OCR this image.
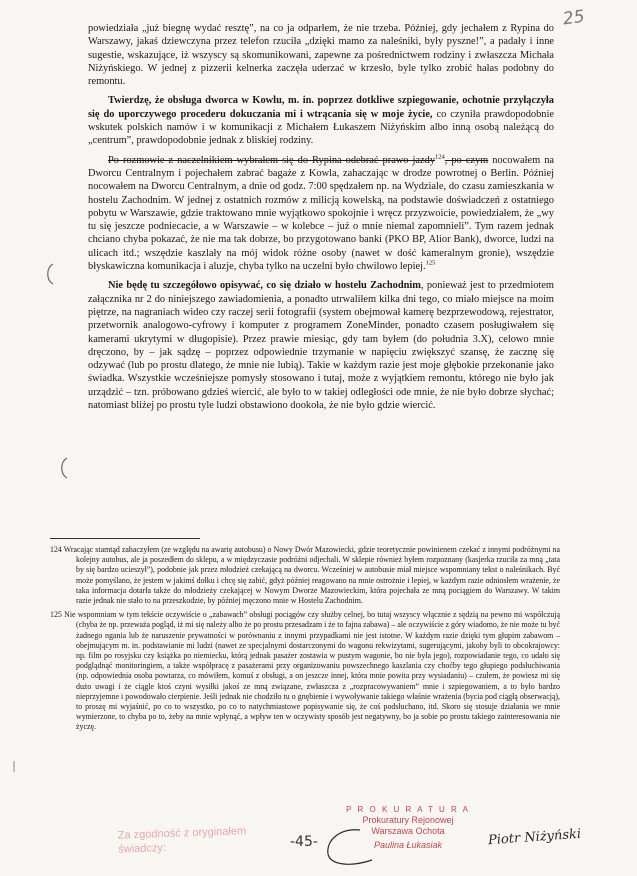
25

powiedziała „już biegnę wydać resztę”, na co ja odparłem, że nie trzeba. Później, gdy jechałem z Rypina do Warszawy, jakaś dziewczyna przez telefon rzuciła „dzięki mamo za naleśniki, były pyszne!”, a padały i inne sugestie, wskazujące, iż wszyscy są skomunikowani, zapewne za pośrednictwem rodziny i zwłaszcza Michała Niżyńskiego. W jednej z pizzerii kelnerka zaczęła uderzać w krzesło, byle tylko zrobić hałas podobny do remontu.

Twierdzę, że obsługa dworca w Kowlu, m. in. poprzez dotkliwe szpiegowanie, ochotnie przyłączyła się do uporczywego procederu dokuczania mi i wtrącania się w moje życie, co czyniła prawdopodobnie wskutek polskich namów i w komunikacji z Michałem Łukaszem Niżyńskim albo inną osobą należącą do „centrum”, prawdopodobnie jednak z bliskiej rodziny.

Po rozmowie z naczelnikiem wybrałem się do Rypina odebrać prawo jazdy$^{124}$, po czym nocowałem na Dworcu Centralnym i pojechałem zabrać bagaże z Kowla, zahaczając w drodze powrotnej o Berlin. Później nocowałem na Dworcu Centralnym, a dnie od godz. 7:00 spędzałem np. na Wydziale, do czasu zamieszkania w hostelu Zachodnim. W jednej z ostatnich rozmów z milicją kowelską, na podstawie doświadczeń z ostatniego pobytu w Warszawie, gdzie traktowano mnie wyjątkowo spokojnie i wręcz przyzwoicie, powiedziałem, że „wy tu się jeszcze podniecacie, a w Warszawie – w kolebce – już o mnie niemal zapomnieli”. Tym razem jednak chciano chyba pokazać, że nie ma tak dobrze, bo przygotowano banki (PKO BP, Alior Bank), dworce, ludzi na ulicach itd.; wszędzie kaszlały na mój widok różne osoby (nawet w dość kameralnym gronie), wszędzie błyskawiczna komunikacja i aluzje, chyba tylko na uczelni było chwilowo lepiej.$^{125}$

Nie będę tu szczegółowo opisywać, co się działo w hostelu Zachodnim, ponieważ jest to przedmiotem załącznika nr 2 do niniejszego zawiadomienia, a ponadto utrwaliłem kilka dni tego, co miało miejsce na moim piętrze, na nagraniach wideo czy raczej serii fotografii (system obejmował kamerę bezprzewodową, rejestrator, przetwornik analogowo-cyfrowy i komputer z programem ZoneMinder, ponadto czasem posługiwałem się kamerami ukrytymi w długopisie). Przez prawie miesiąc, gdy tam byłem (do południa 3.X), celowo mnie dręczono, by – jak sądzę – poprzez odpowiednie trzymanie w napięciu zwiększyć szansę, że zacznę się odzywać (lub po prostu dlatego, że mnie nie lubią). Takie w każdym razie jest moje głębokie przekonanie jako świadka. Wszystkie wcześniejsze pomysły stosowano i tutaj, może z wyjątkiem remontu, którego nie było jak urządzić – tzn. próbowano gdzieś wiercić, ale było to w takiej odległości ode mnie, że nie było dobrze słychać; natomiast bliżej po prostu tyle ludzi obstawiono dookoła, że nie było gdzie wiercić.

124 Wracając stamtąd zahaczyłem (ze względu na awarię autobusu) o Nowy Dwór Mazowiecki, gdzie teoretycznie powinienem czekać z innymi podróżnymi na kolejny autobus, ale ja poszedłem do sklepu, a w międzyczasie podróżni odjechali. W sklepie również byłem rozpoznany (kasjerka rzuciła za mną „tata by się bardzo ucieszył”), podobnie jak przez młodzież czekającą na dworcu. Wcześniej w autobusie miał miejsce wspomniany tekst o naleśnikach. Być może pomyślano, że jestem w jakimś dołku i chcę się zabić, gdyż później reagowano na mnie ostrożnie i lepiej, w każdym razie odniosłem wrażenie, że taka informacja dotarła także do młodzieży czekającej w Nowym Dworze Mazowieckim, która pojechała ze mną pociągiem do Warszawy. W takim razie jednak nie stało to na przeszkodzie, by później męczono mnie w Hostelu Zachodnim.
125 Nie wspomniam w tym tekście oczywiście o „zabawach” obsługi pociągów czy służby celnej, bo tutaj wszyscy włącznie z sędzią na pewno mi współczują (chyba że np. przeważa pogląd, iż mi się należy albo że po prostu przesadzam i że to fajna zabawa) – ale oczywiście z góry wiadomo, że nie może tu być żadnego ngania lub że naruszenie prywatności w porównaniu z innymi przypadkami nie jest istotne. W każdym razie dzięki tym głupim zabawom – obejmującym m. in. podstawianie mi ludzi (nawet ze specjalnymi dostarczonymi do wagonu rekwizytami, sugerującymi, jakoby byli to obcokrajowcy: np. film po rosyjsku czy książka po niemiecku, którą jednak pasażer zostawia w pustym wagonie, bo nie była jego), rozpowiadanie tego, co udało się podglądnąć monitoringiem, a także współpracę z pasażerami przy organizowaniu powszechnego kaszlania czy choćby tego głupiego podsłuchiwania (np. odpowiednia osoba powtarza, co mówiłem, komuś z obsługi, a on jeszcze innej, która mnie powita przy wysiadaniu) – czułem, że powiesz mi się dużo uwagi i że ciągle ktoś czyni wysiłki jakoś ze mną związane, zwłaszcza z „rozpracowywaniem” mnie i szpiegowaniem, a to było bardzo nieprzyjemne i powodowało cierpienie. Jeśli jednak nie chodziło tu o gnębienie i wywoływanie takiego właśnie wrażenia (bycia pod ciągłą obserwacją), to proszę mi wyjaśnić, po co to wszystko, po co to natychmiastowe popisywanie się, że coś podsłuchano, itd. Skoro się stosuje działania we mnie wymierzone, to chyba po to, żeby na mnie wpłynąć, a wpływ ten w oczywisty sposób jest negatywny, bo ja sobie po prostu takiego zainteresowania nie życzę.
Za zgodność z oryginałem świadczy:	-45-
P R O K U R A T U R A
Prokuratury Rejonowej
Warszawa Ochota
Paulina Łukasiak	Piotr Niżyński
